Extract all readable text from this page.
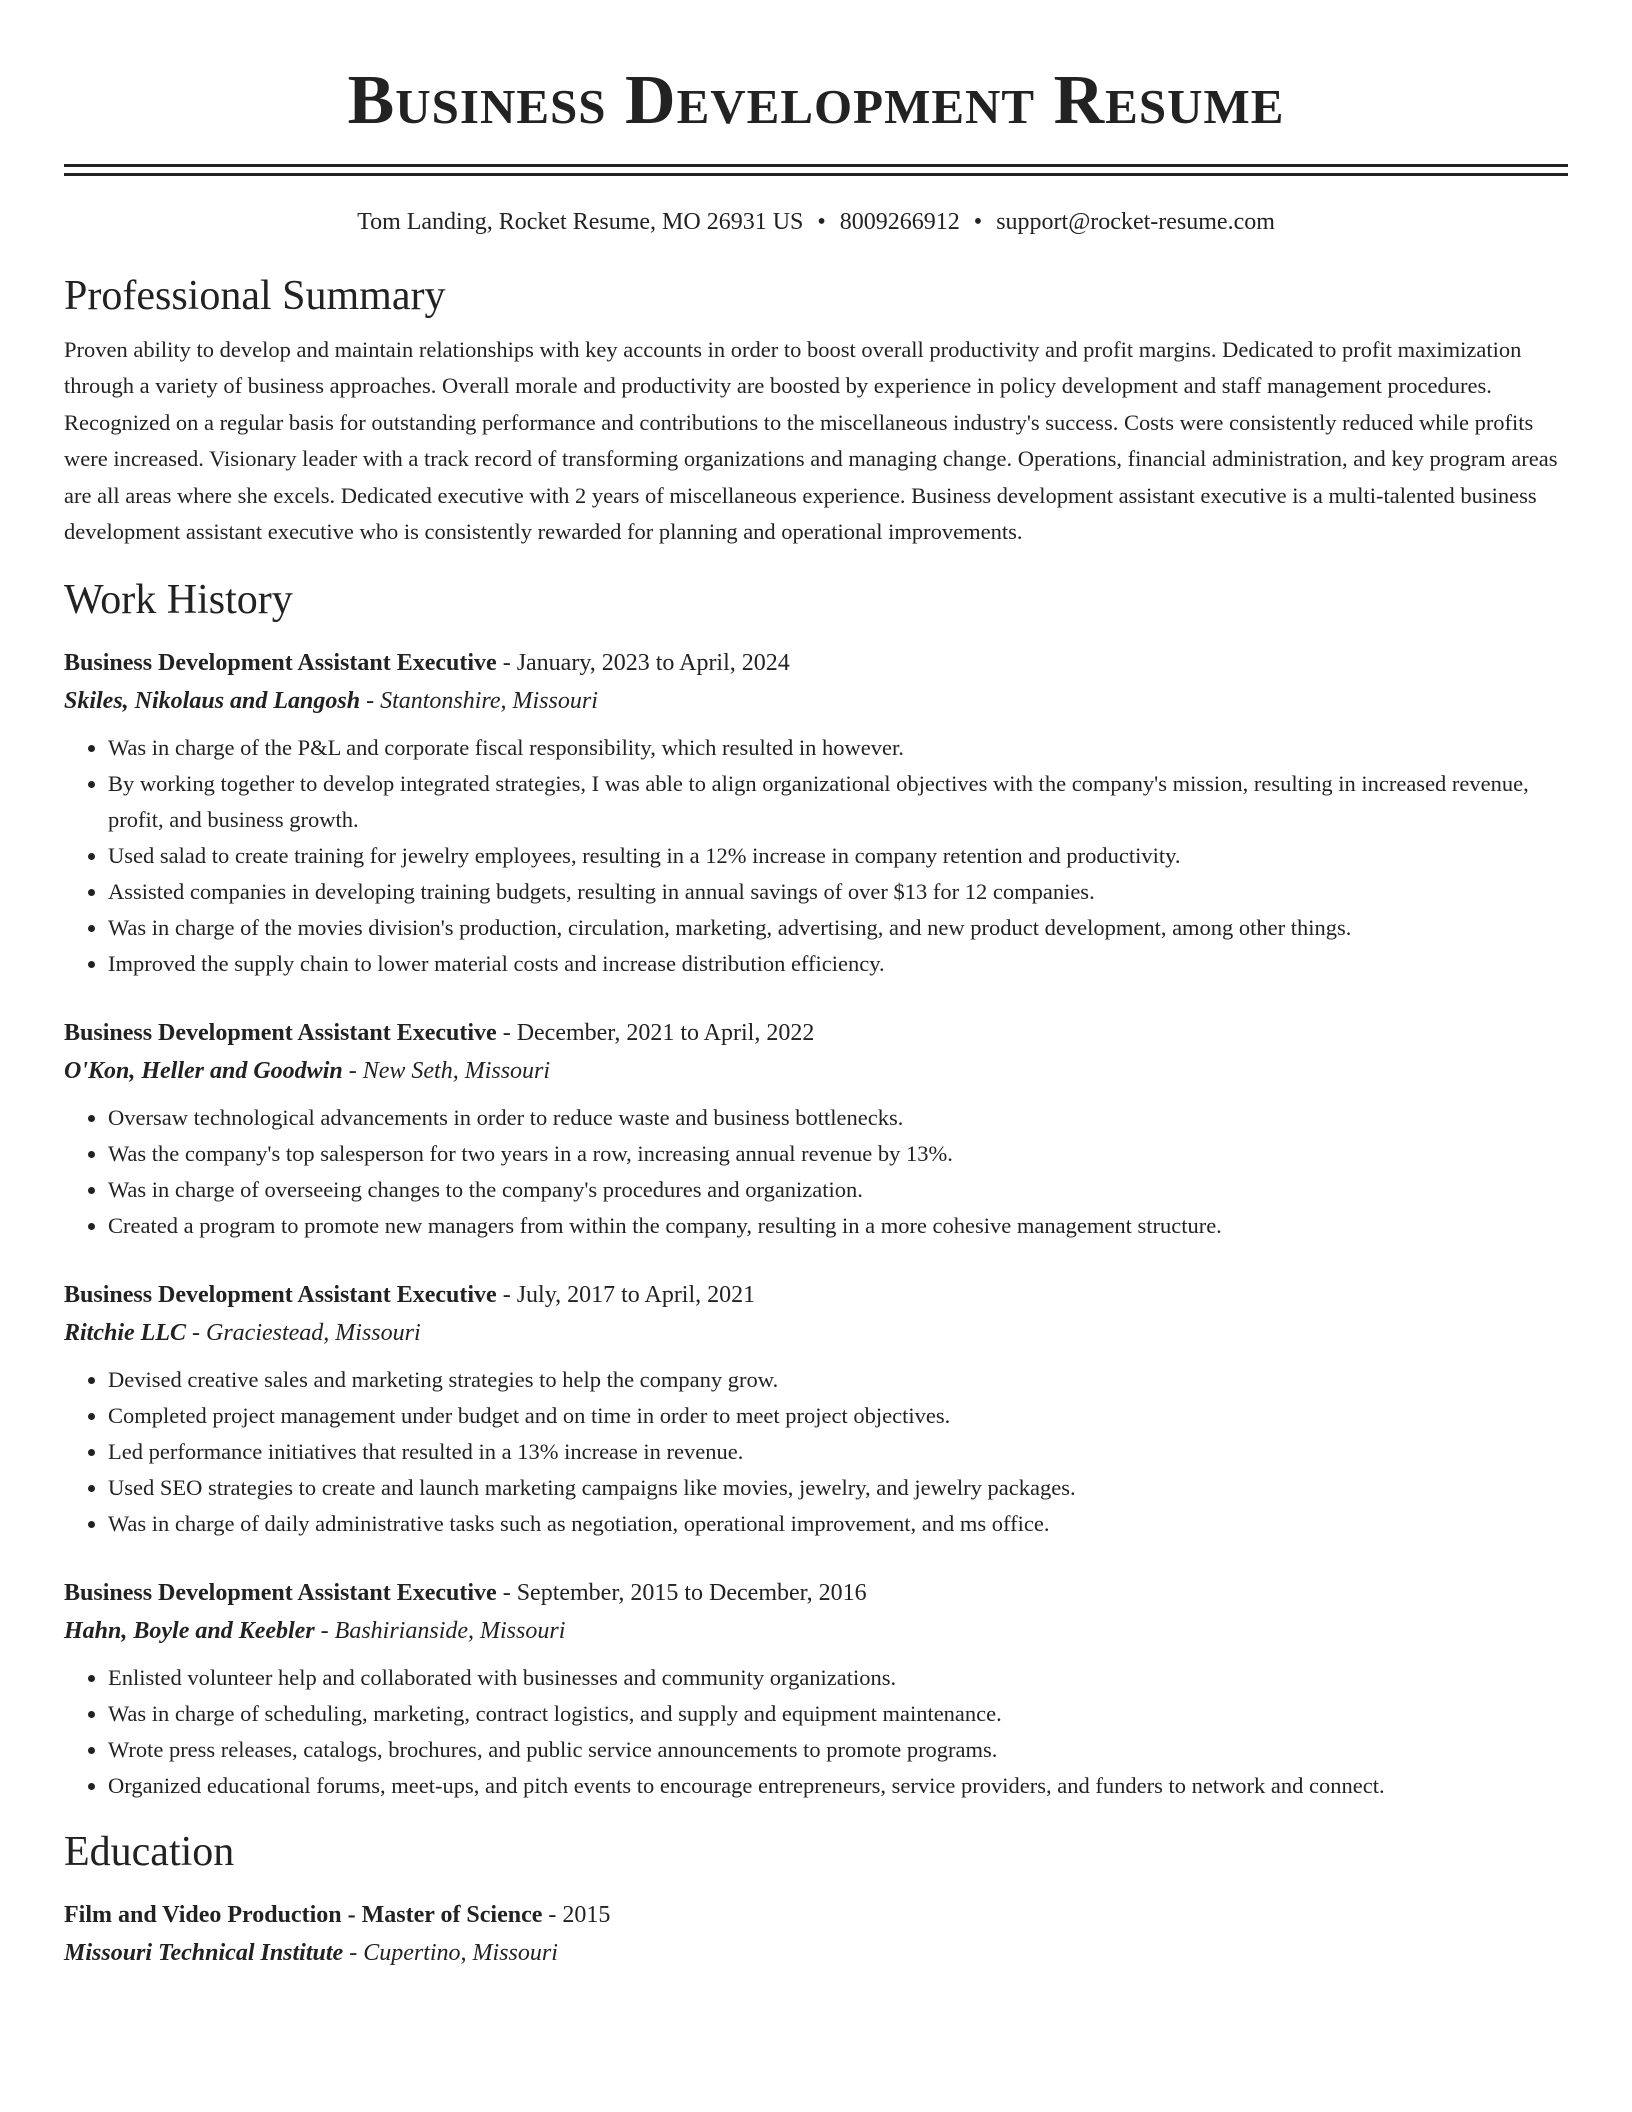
Business Development Resume
Tom Landing, Rocket Resume, MO 26931 US • 8009266912 • support@rocket-resume.com
Professional Summary

Proven ability to develop and maintain relationships with key accounts in order to boost overall productivity and profit margins. Dedicated to profit maximization through a variety of business approaches. Overall morale and productivity are boosted by experience in policy development and staff management procedures. Recognized on a regular basis for outstanding performance and contributions to the miscellaneous industry's success. Costs were consistently reduced while profits were increased. Visionary leader with a track record of transforming organizations and managing change. Operations, financial administration, and key program areas are all areas where she excels. Dedicated executive with 2 years of miscellaneous experience. Business development assistant executive is a multi-talented business development assistant executive who is consistently rewarded for planning and operational improvements.

Work History
Business Development Assistant Executive - January, 2023 to April, 2024
Skiles, Nikolaus and Langosh - Stantonshire, Missouri
• Was in charge of the P&L and corporate fiscal responsibility, which resulted in however.
• By working together to develop integrated strategies, I was able to align organizational objectives with the company's mission, resulting in increased revenue, profit, and business growth.
• Used salad to create training for jewelry employees, resulting in a 12% increase in company retention and productivity.
• Assisted companies in developing training budgets, resulting in annual savings of over $13 for 12 companies.
• Was in charge of the movies division's production, circulation, marketing, advertising, and new product development, among other things.
• Improved the supply chain to lower material costs and increase distribution efficiency.
Business Development Assistant Executive - December, 2021 to April, 2022
O'Kon, Heller and Goodwin - New Seth, Missouri
• Oversaw technological advancements in order to reduce waste and business bottlenecks.
• Was the company's top salesperson for two years in a row, increasing annual revenue by 13%.
• Was in charge of overseeing changes to the company's procedures and organization.
• Created a program to promote new managers from within the company, resulting in a more cohesive management structure.
Business Development Assistant Executive - July, 2017 to April, 2021
Ritchie LLC - Graciestead, Missouri
• Devised creative sales and marketing strategies to help the company grow.
• Completed project management under budget and on time in order to meet project objectives.
• Led performance initiatives that resulted in a 13% increase in revenue.
• Used SEO strategies to create and launch marketing campaigns like movies, jewelry, and jewelry packages.
• Was in charge of daily administrative tasks such as negotiation, operational improvement, and ms office.
Business Development Assistant Executive - September, 2015 to December, 2016
Hahn, Boyle and Keebler - Bashirianside, Missouri
• Enlisted volunteer help and collaborated with businesses and community organizations.
• Was in charge of scheduling, marketing, contract logistics, and supply and equipment maintenance.
• Wrote press releases, catalogs, brochures, and public service announcements to promote programs.
• Organized educational forums, meet-ups, and pitch events to encourage entrepreneurs, service providers, and funders to network and connect.
Education
Film and Video Production - Master of Science - 2015
Missouri Technical Institute - Cupertino, Missouri
